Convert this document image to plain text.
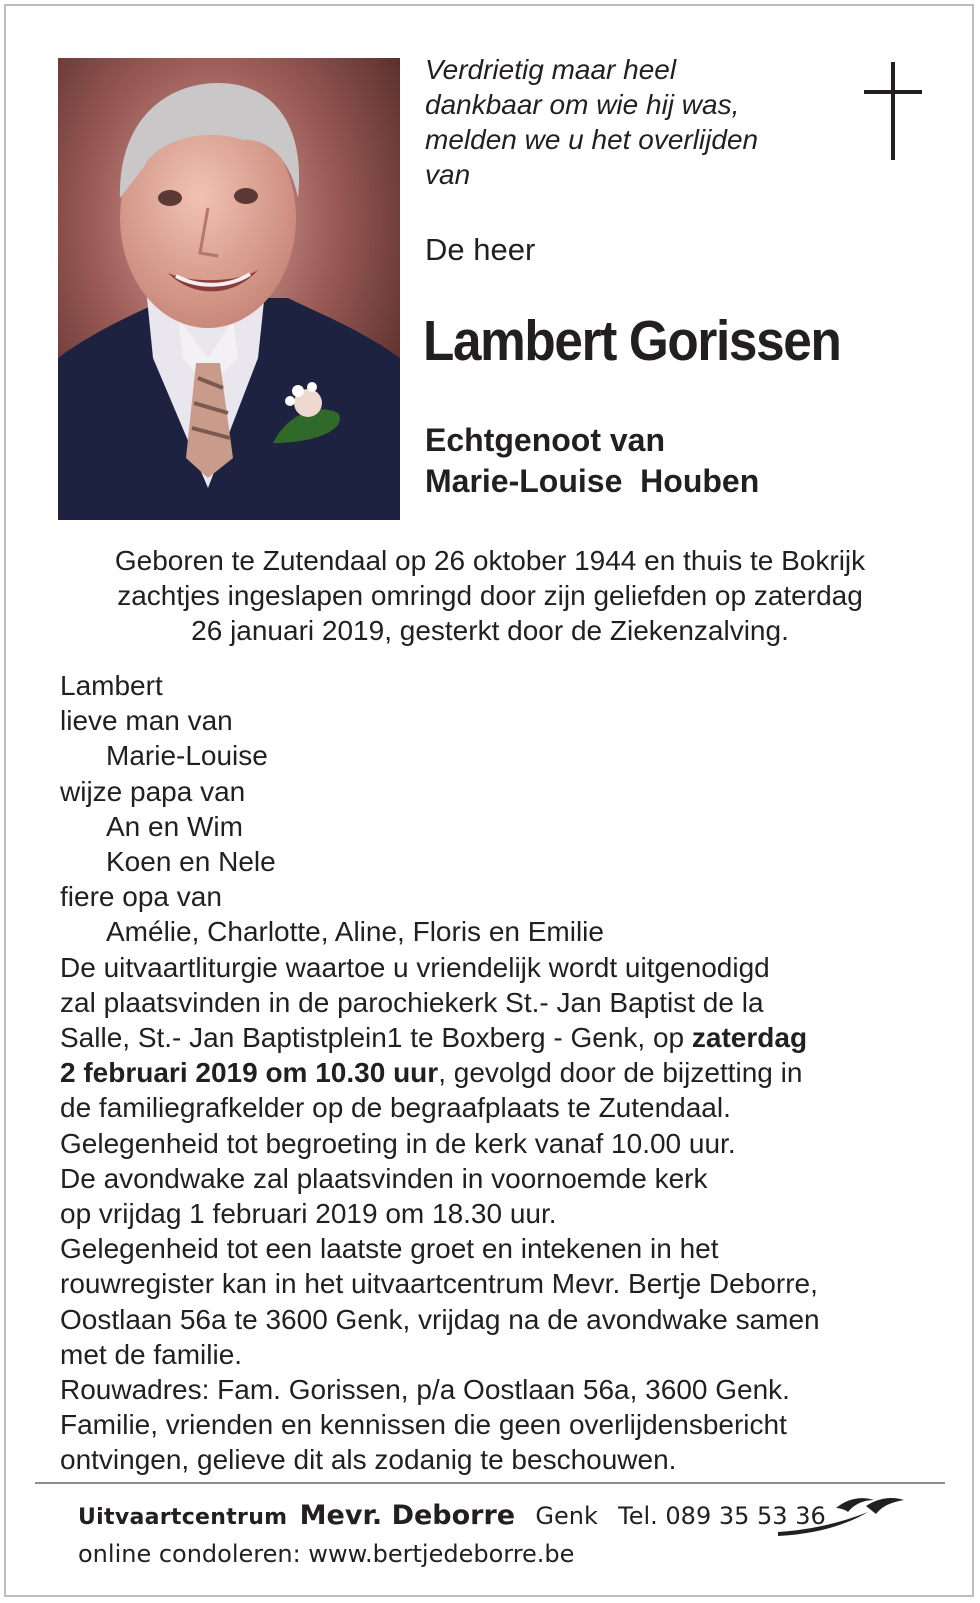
Verdrietig maar heel
dankbaar om wie hij was,
melden we u het overlijden
van
De heer
Lambert Gorissen
Echtgenoot van
Marie-Louise  Houben
Geboren te Zutendaal op 26 oktober 1944 en thuis te Bokrijk
zachtjes ingeslapen omringd door zijn geliefden op zaterdag
26 januari 2019, gesterkt door de Ziekenzalving.
Lambert
lieve man van
Marie-Louise
wijze papa van
An en Wim
Koen en Nele
fiere opa van
Amélie, Charlotte, Aline, Floris en Emilie
De uitvaartliturgie waartoe u vriendelijk wordt uitgenodigd
zal plaatsvinden in de parochiekerk St.- Jan Baptist de la
Salle, St.- Jan Baptistplein1 te Boxberg - Genk, op zaterdag
2 februari 2019 om 10.30 uur, gevolgd door de bijzetting in
de familiegrafkelder op de begraafplaats te Zutendaal.
Gelegenheid tot begroeting in de kerk vanaf 10.00 uur.
De avondwake zal plaatsvinden in voornoemde kerk
op vrijdag 1 februari 2019 om 18.30 uur.
Gelegenheid tot een laatste groet en intekenen in het
rouwregister kan in het uitvaartcentrum Mevr. Bertje Deborre,
Oostlaan 56a te 3600 Genk, vrijdag na de avondwake samen
met de familie.
Rouwadres: Fam. Gorissen, p/a Oostlaan 56a, 3600 Genk.
Familie, vrienden en kennissen die geen overlijdensbericht
ontvingen, gelieve dit als zodanig te beschouwen.
Uitvaartcentrum Mevr. Deborre Genk Tel. 089 35 53 36
online condoleren: www.bertjedeborre.be
